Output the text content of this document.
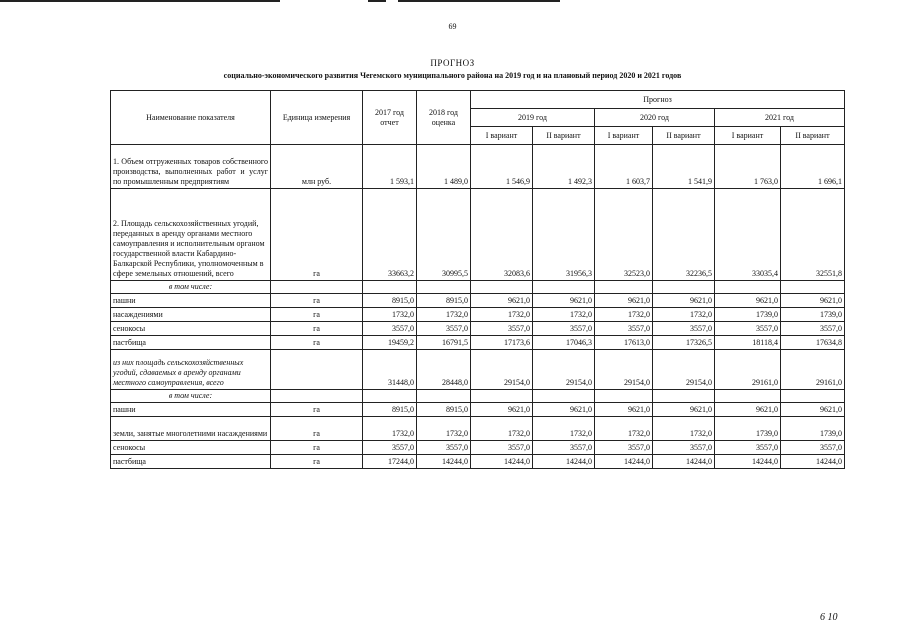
69
ПРОГНОЗ
социально-экономического развития Чегемского муниципального района на 2019 год и на плановый период 2020 и 2021 годов
Наименование показателя	Единица измерения	2017 год отчет	2018 год оценка	Прогноз					
				2019 год		2020 год		2021 год	
				I вариант	II вариант	I вариант	II вариант	I вариант	II вариант
1. Объем отгруженных товаров собственного производства, выполненных работ и услуг по промышленным предприятиям	млн руб.	1 593,1	1 489,0	1 546,9	1 492,3	1 603,7	1 541,9	1 763,0	1 696,1
2. Площадь сельскохозяйственных угодий, переданных в аренду органами местного самоуправления и исполнительным органом государственной власти Кабардино-Балкарской Республики, уполномоченным в сфере земельных отношений, всего	га	33663,2	30995,5	32083,6	31956,3	32523,0	32236,5	33035,4	32551,8
в том числе:									
пашни	га	8915,0	8915,0	9621,0	9621,0	9621,0	9621,0	9621,0	9621,0
насаждениями	га	1732,0	1732,0	1732,0	1732,0	1732,0	1732,0	1739,0	1739,0
сенокосы	га	3557,0	3557,0	3557,0	3557,0	3557,0	3557,0	3557,0	3557,0
пастбища	га	19459,2	16791,5	17173,6	17046,3	17613,0	17326,5	18118,4	17634,8
из них площадь сельскохозяйственных угодий, сдаваемых в аренду органами местного самоуправления, всего		31448,0	28448,0	29154,0	29154,0	29154,0	29154,0	29161,0	29161,0
в том числе:									
пашни	га	8915,0	8915,0	9621,0	9621,0	9621,0	9621,0	9621,0	9621,0
земли, занятые многолетними насаждениями	га	1732,0	1732,0	1732,0	1732,0	1732,0	1732,0	1739,0	1739,0
сенокосы	га	3557,0	3557,0	3557,0	3557,0	3557,0	3557,0	3557,0	3557,0
пастбища	га	17244,0	14244,0	14244,0	14244,0	14244,0	14244,0	14244,0	14244,0
6 10
